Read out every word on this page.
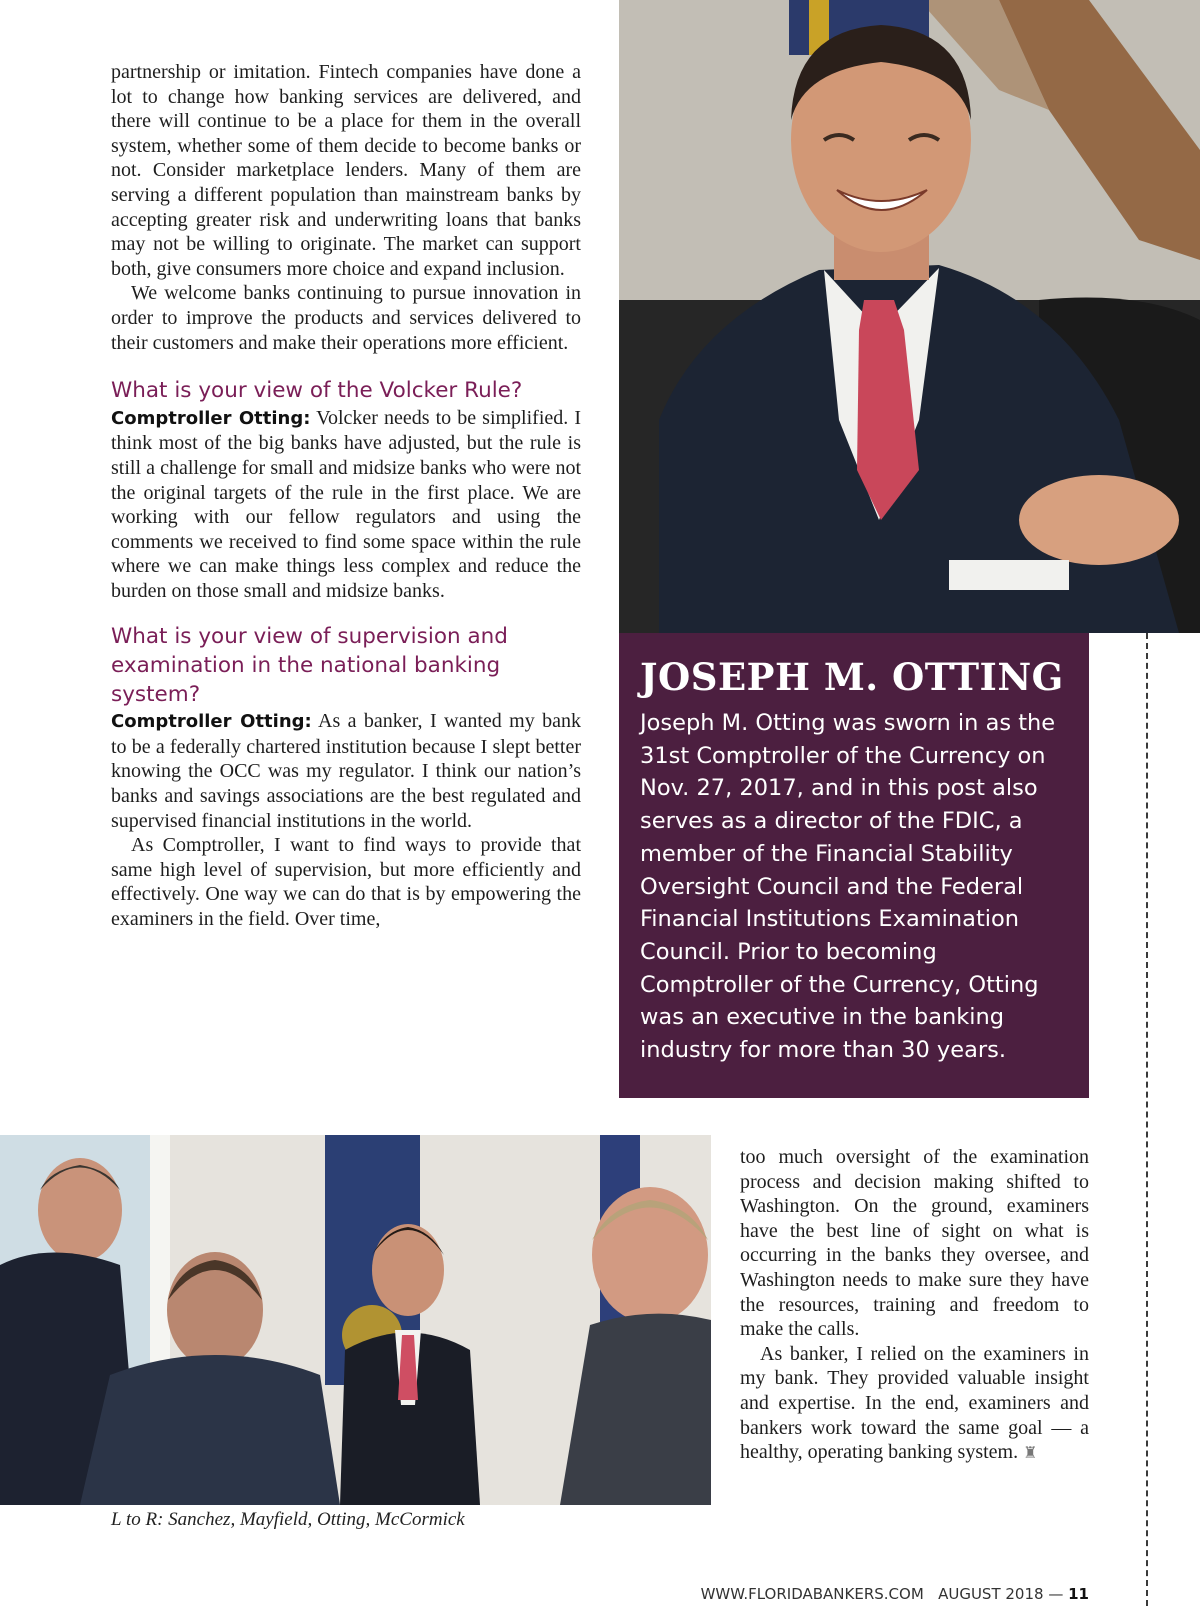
partnership or imitation. Fintech companies have done a lot to change how banking services are delivered, and there will continue to be a place for them in the overall system, whether some of them decide to become banks or not. Consider marketplace lenders. Many of them are serving a different population than mainstream banks by accepting greater risk and underwriting loans that banks may not be willing to originate. The market can support both, give consumers more choice and expand inclusion.

We welcome banks continuing to pursue innovation in order to improve the products and services delivered to their customers and make their operations more efficient.

What is your view of the Volcker Rule?

Comptroller Otting: Volcker needs to be simplified. I think most of the big banks have adjusted, but the rule is still a challenge for small and midsize banks who were not the original targets of the rule in the first place. We are working with our fellow regulators and using the comments we received to find some space within the rule where we can make things less complex and reduce the burden on those small and midsize banks.

What is your view of supervision and examination in the national banking system?

Comptroller Otting: As a banker, I wanted my bank to be a federally chartered institution because I slept better knowing the OCC was my regulator. I think our nation’s banks and savings associations are the best regulated and supervised financial institutions in the world.

As Comptroller, I want to find ways to provide that same high level of supervision, but more efficiently and effectively. One way we can do that is by empowering the examiners in the field. Over time,

JOSEPH M. OTTING

Joseph M. Otting was sworn in as the 31st Comptroller of the Currency on Nov. 27, 2017, and in this post also serves as a director of the FDIC, a member of the Financial Stability Oversight Council and the Federal Financial Institutions Examination Council. Prior to becoming Comptroller of the Currency, Otting was an executive in the banking industry for more than 30 years.

too much oversight of the examination process and decision making shifted to Washington. On the ground, examiners have the best line of sight on what is occurring in the banks they oversee, and Washington needs to make sure they have the resources, training and freedom to make the calls.

As banker, I relied on the examiners in my bank. They provided valuable insight and expertise. In the end, examiners and bankers work toward the same goal — a healthy, operating banking system. ♜

L to R: Sanchez, Mayfield, Otting, McCormick
WWW.FLORIDABANKERS.COM AUGUST 2018 — 11
